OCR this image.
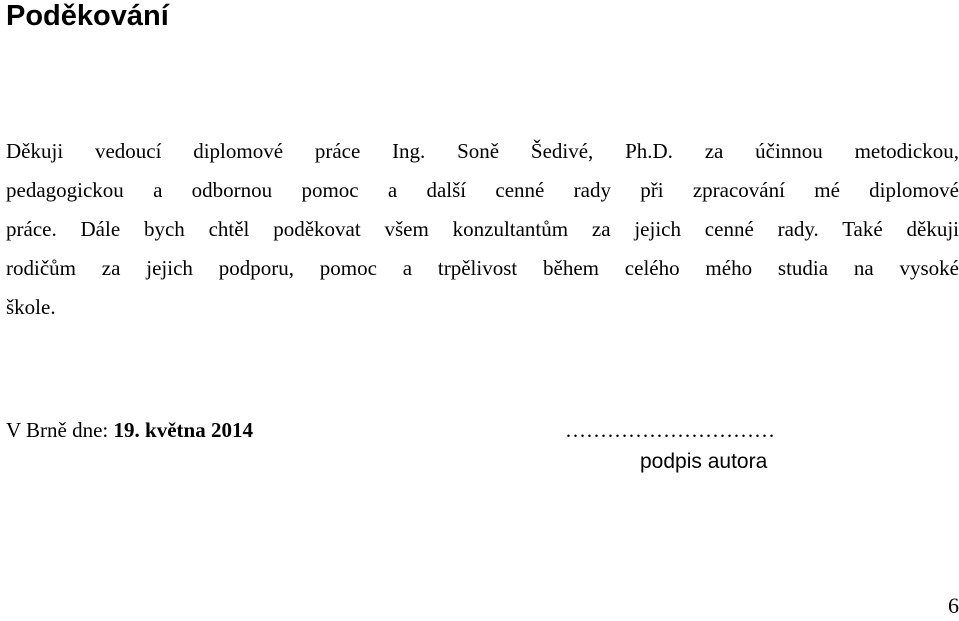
Poděkování

Děkuji vedoucí diplomové práce Ing. Soně Šedivé, Ph.D. za účinnou metodickou,
pedagogickou a odbornou pomoc a další cenné rady při zpracování mé diplomové
práce. Dále bych chtěl poděkovat všem konzultantům za jejich cenné rady. Také děkuji
rodičům za jejich podporu, pomoc a trpělivost během celého mého studia na vysoké
škole.

V Brně dne: 19. května 2014	…………………………
podpis autora
6
